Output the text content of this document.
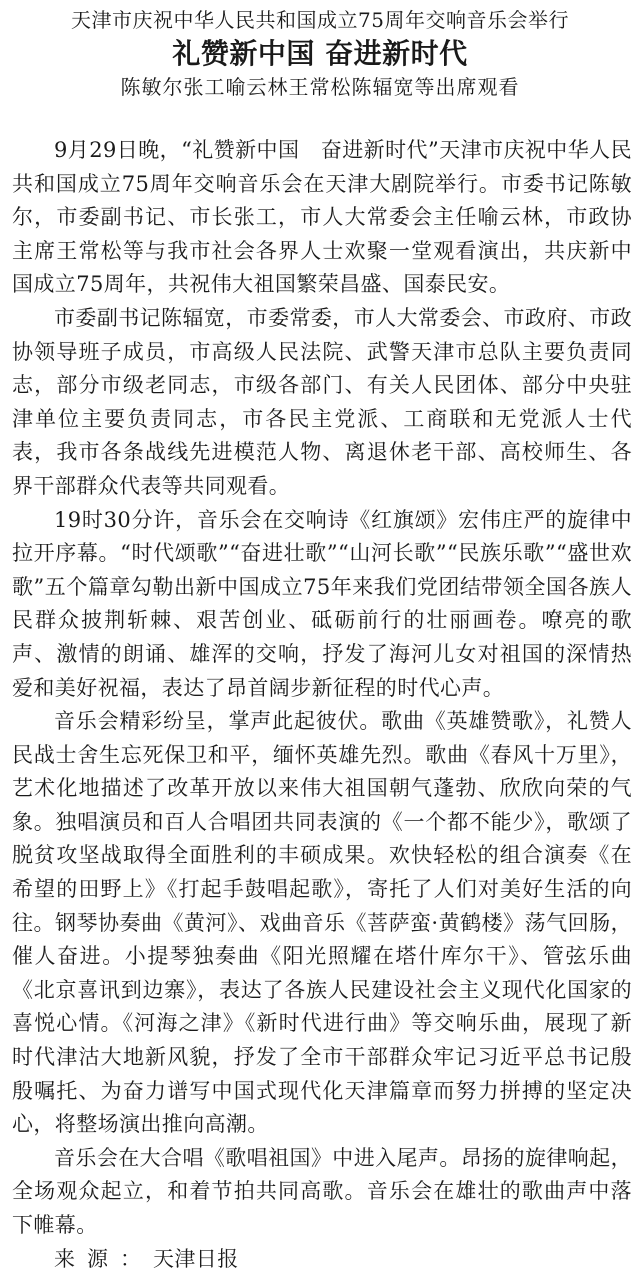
天津市庆祝中华人民共和国成立75周年交响音乐会举行
礼赞新中国 奋进新时代
陈敏尔张工喻云林王常松陈辐宽等出席观看

9月29日晚，“礼赞新中国　奋进新时代”天津市庆祝中华人民共和国成立75周年交响音乐会在天津大剧院举行。市委书记陈敏尔，市委副书记、市长张工，市人大常委会主任喻云林，市政协主席王常松等与我市社会各界人士欢聚一堂观看演出，共庆新中国成立75周年，共祝伟大祖国繁荣昌盛、国泰民安。

市委副书记陈辐宽，市委常委，市人大常委会、市政府、市政协领导班子成员，市高级人民法院、武警天津市总队主要负责同志，部分市级老同志，市级各部门、有关人民团体、部分中央驻津单位主要负责同志，市各民主党派、工商联和无党派人士代表，我市各条战线先进模范人物、离退休老干部、高校师生、各界干部群众代表等共同观看。

19时30分许，音乐会在交响诗《红旗颂》宏伟庄严的旋律中拉开序幕。“时代颂歌”“奋进壮歌”“山河长歌”“民族乐歌”“盛世欢歌”五个篇章勾勒出新中国成立75年来我们党团结带领全国各族人民群众披荆斩棘、艰苦创业、砥砺前行的壮丽画卷。嘹亮的歌声、激情的朗诵、雄浑的交响，抒发了海河儿女对祖国的深情热爱和美好祝福，表达了昂首阔步新征程的时代心声。

音乐会精彩纷呈，掌声此起彼伏。歌曲《英雄赞歌》，礼赞人民战士舍生忘死保卫和平，缅怀英雄先烈。歌曲《春风十万里》，艺术化地描述了改革开放以来伟大祖国朝气蓬勃、欣欣向荣的气象。独唱演员和百人合唱团共同表演的《一个都不能少》，歌颂了脱贫攻坚战取得全面胜利的丰硕成果。欢快轻松的组合演奏《在希望的田野上》《打起手鼓唱起歌》，寄托了人们对美好生活的向往。钢琴协奏曲《黄河》、戏曲音乐《菩萨蛮·黄鹤楼》荡气回肠，催人奋进。小提琴独奏曲《阳光照耀在塔什库尔干》、管弦乐曲《北京喜讯到边寨》，表达了各族人民建设社会主义现代化国家的喜悦心情。《河海之津》《新时代进行曲》等交响乐曲，展现了新时代津沽大地新风貌，抒发了全市干部群众牢记习近平总书记殷殷嘱托、为奋力谱写中国式现代化天津篇章而努力拼搏的坚定决心，将整场演出推向高潮。

音乐会在大合唱《歌唱祖国》中进入尾声。昂扬的旋律响起，全场观众起立，和着节拍共同高歌。音乐会在雄壮的歌曲声中落下帷幕。

来源：天津日报
